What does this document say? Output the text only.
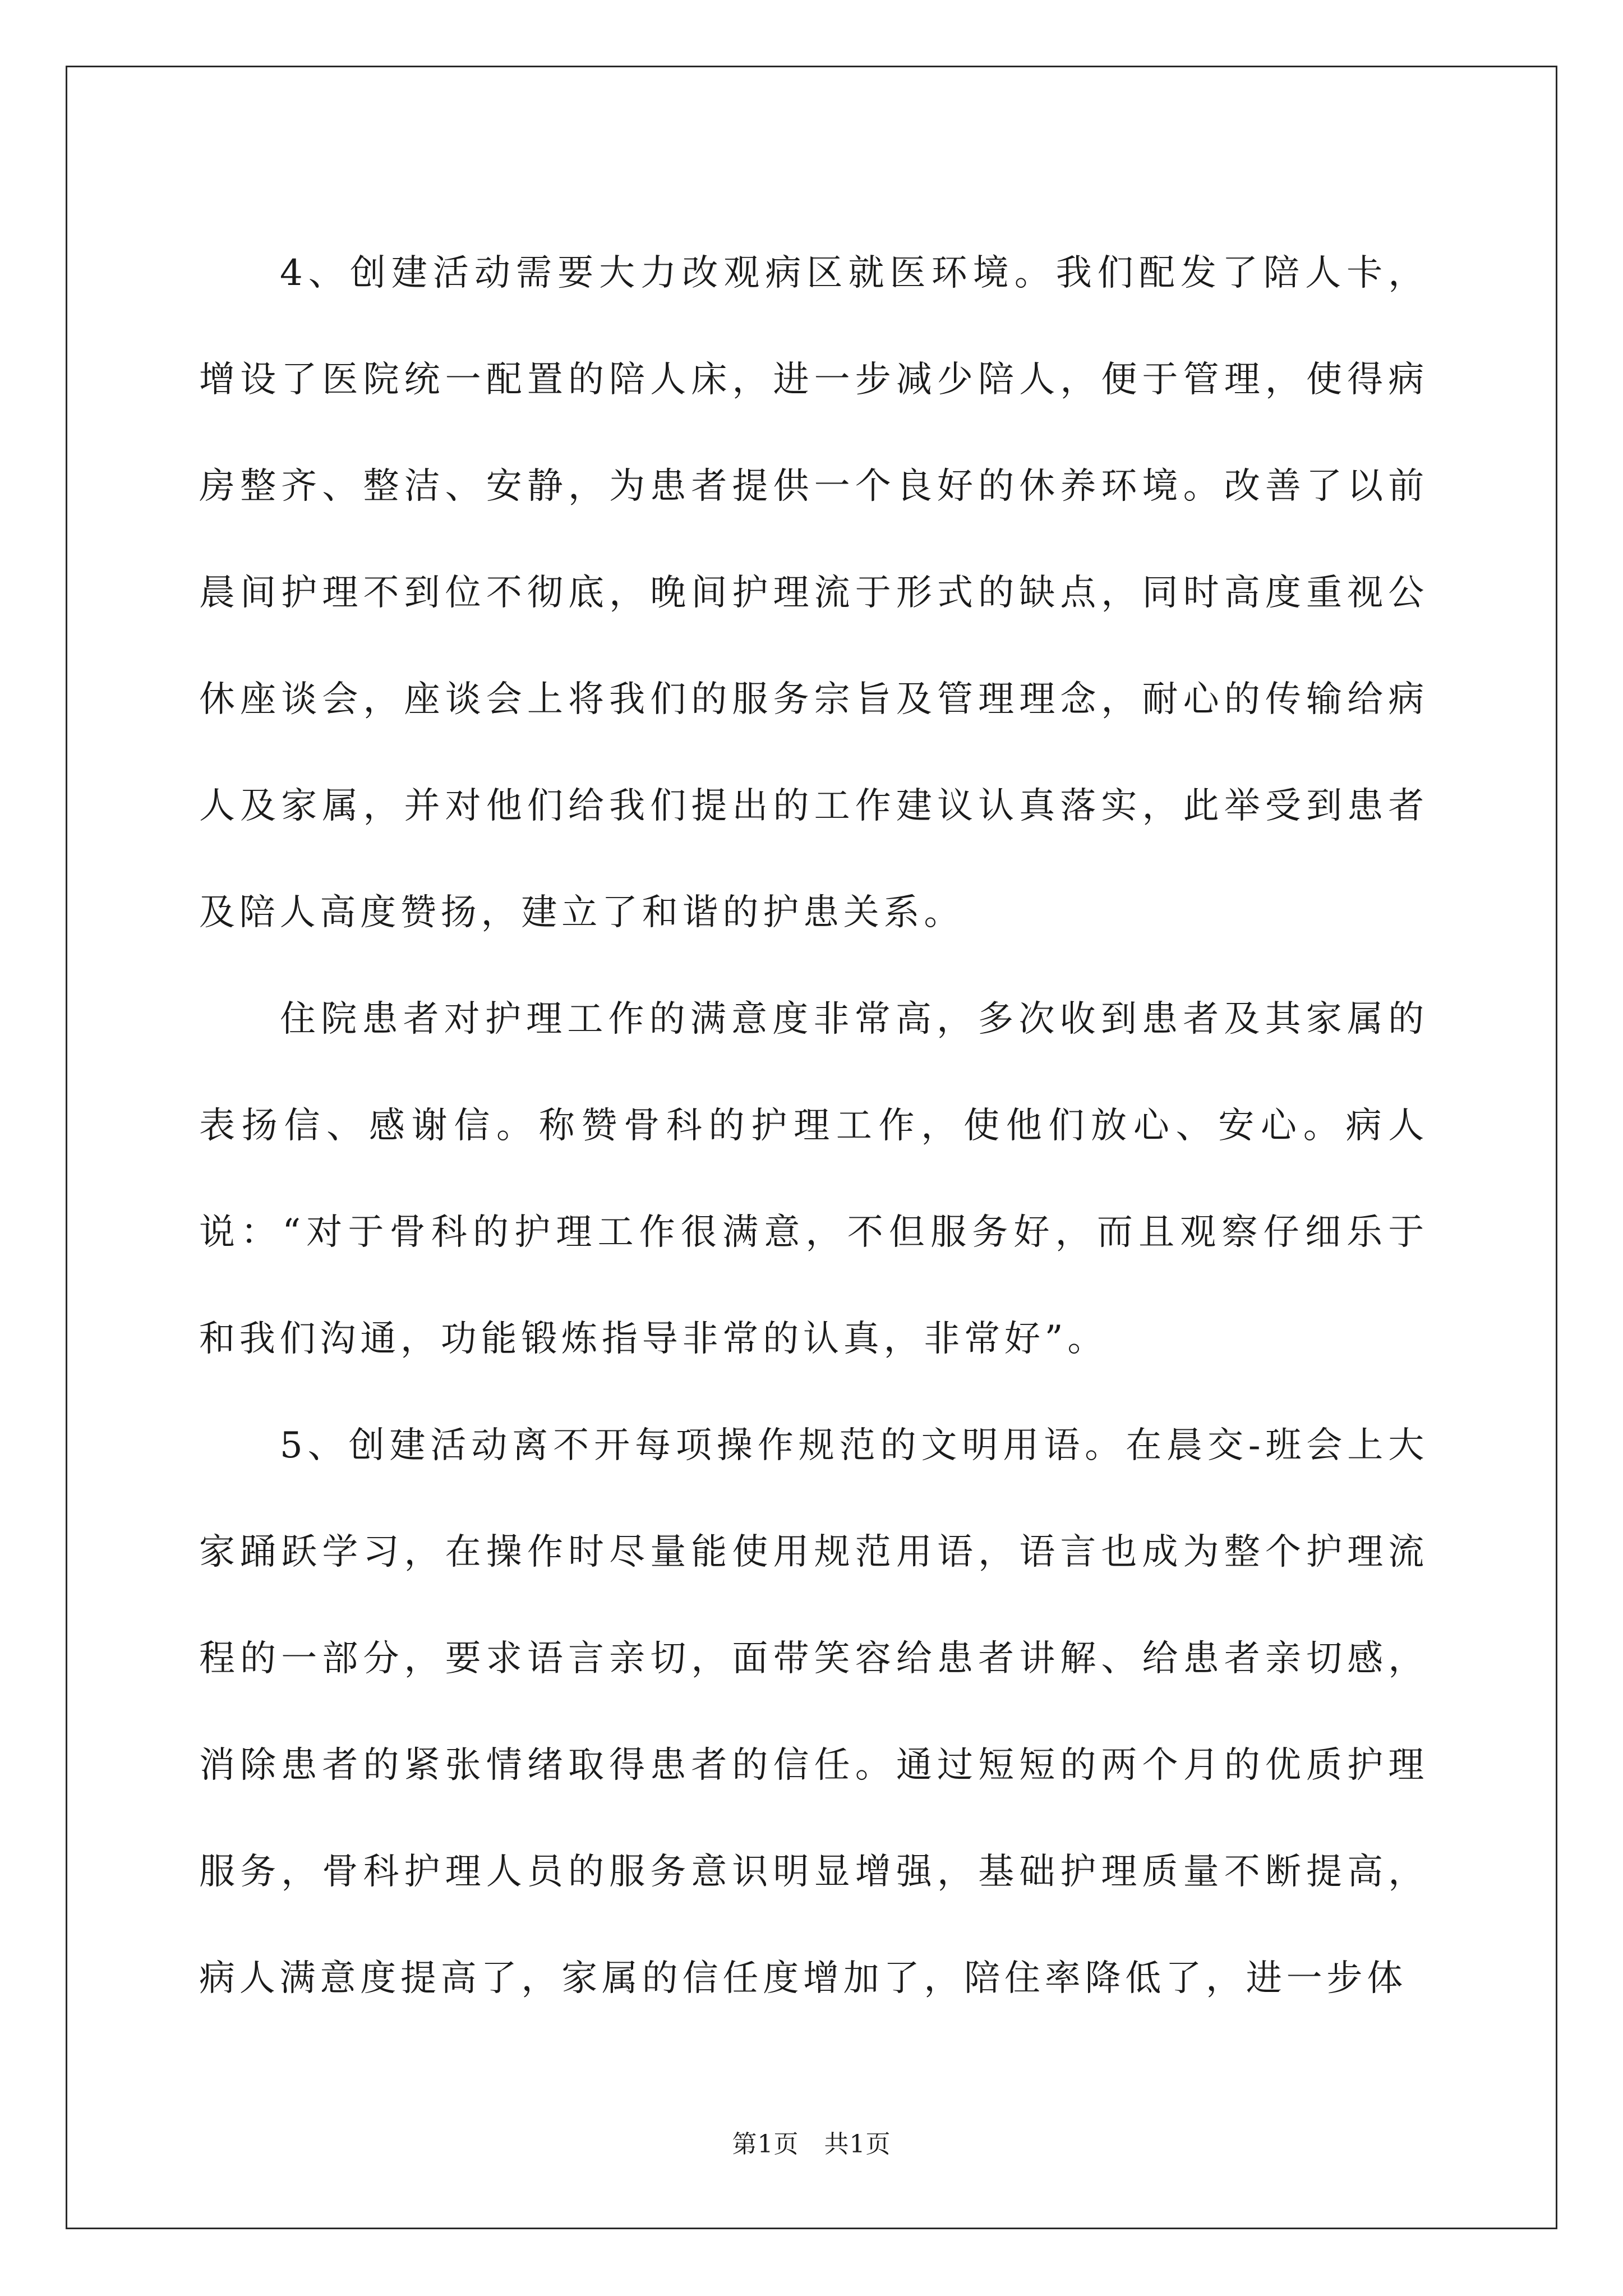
4、创建活动需要大力改观病区就医环境。我们配发了陪人卡，增设了医院统一配置的陪人床，进一步减少陪人，便于管理，使得病房整齐、整洁、安静，为患者提供一个良好的休养环境。改善了以前晨间护理不到位不彻底，晚间护理流于形式的缺点，同时高度重视公休座谈会，座谈会上将我们的服务宗旨及管理理念，耐心的传输给病人及家属，并对他们给我们提出的工作建议认真落实，此举受到患者及陪人高度赞扬，建立了和谐的护患关系。

住院患者对护理工作的满意度非常高，多次收到患者及其家属的表扬信、感谢信。称赞骨科的护理工作，使他们放心、安心。病人说：“对于骨科的护理工作很满意，不但服务好，而且观察仔细乐于和我们沟通，功能锻炼指导非常的认真，非常好”。

5、创建活动离不开每项操作规范的文明用语。在晨交-班会上大家踊跃学习，在操作时尽量能使用规范用语，语言也成为整个护理流程的一部分，要求语言亲切，面带笑容给患者讲解、给患者亲切感，消除患者的紧张情绪取得患者的信任。通过短短的两个月的优质护理服务，骨科护理人员的服务意识明显增强，基础护理质量不断提高，病人满意度提高了，家属的信任度增加了，陪住率降低了，进一步体

第1页　共1页
